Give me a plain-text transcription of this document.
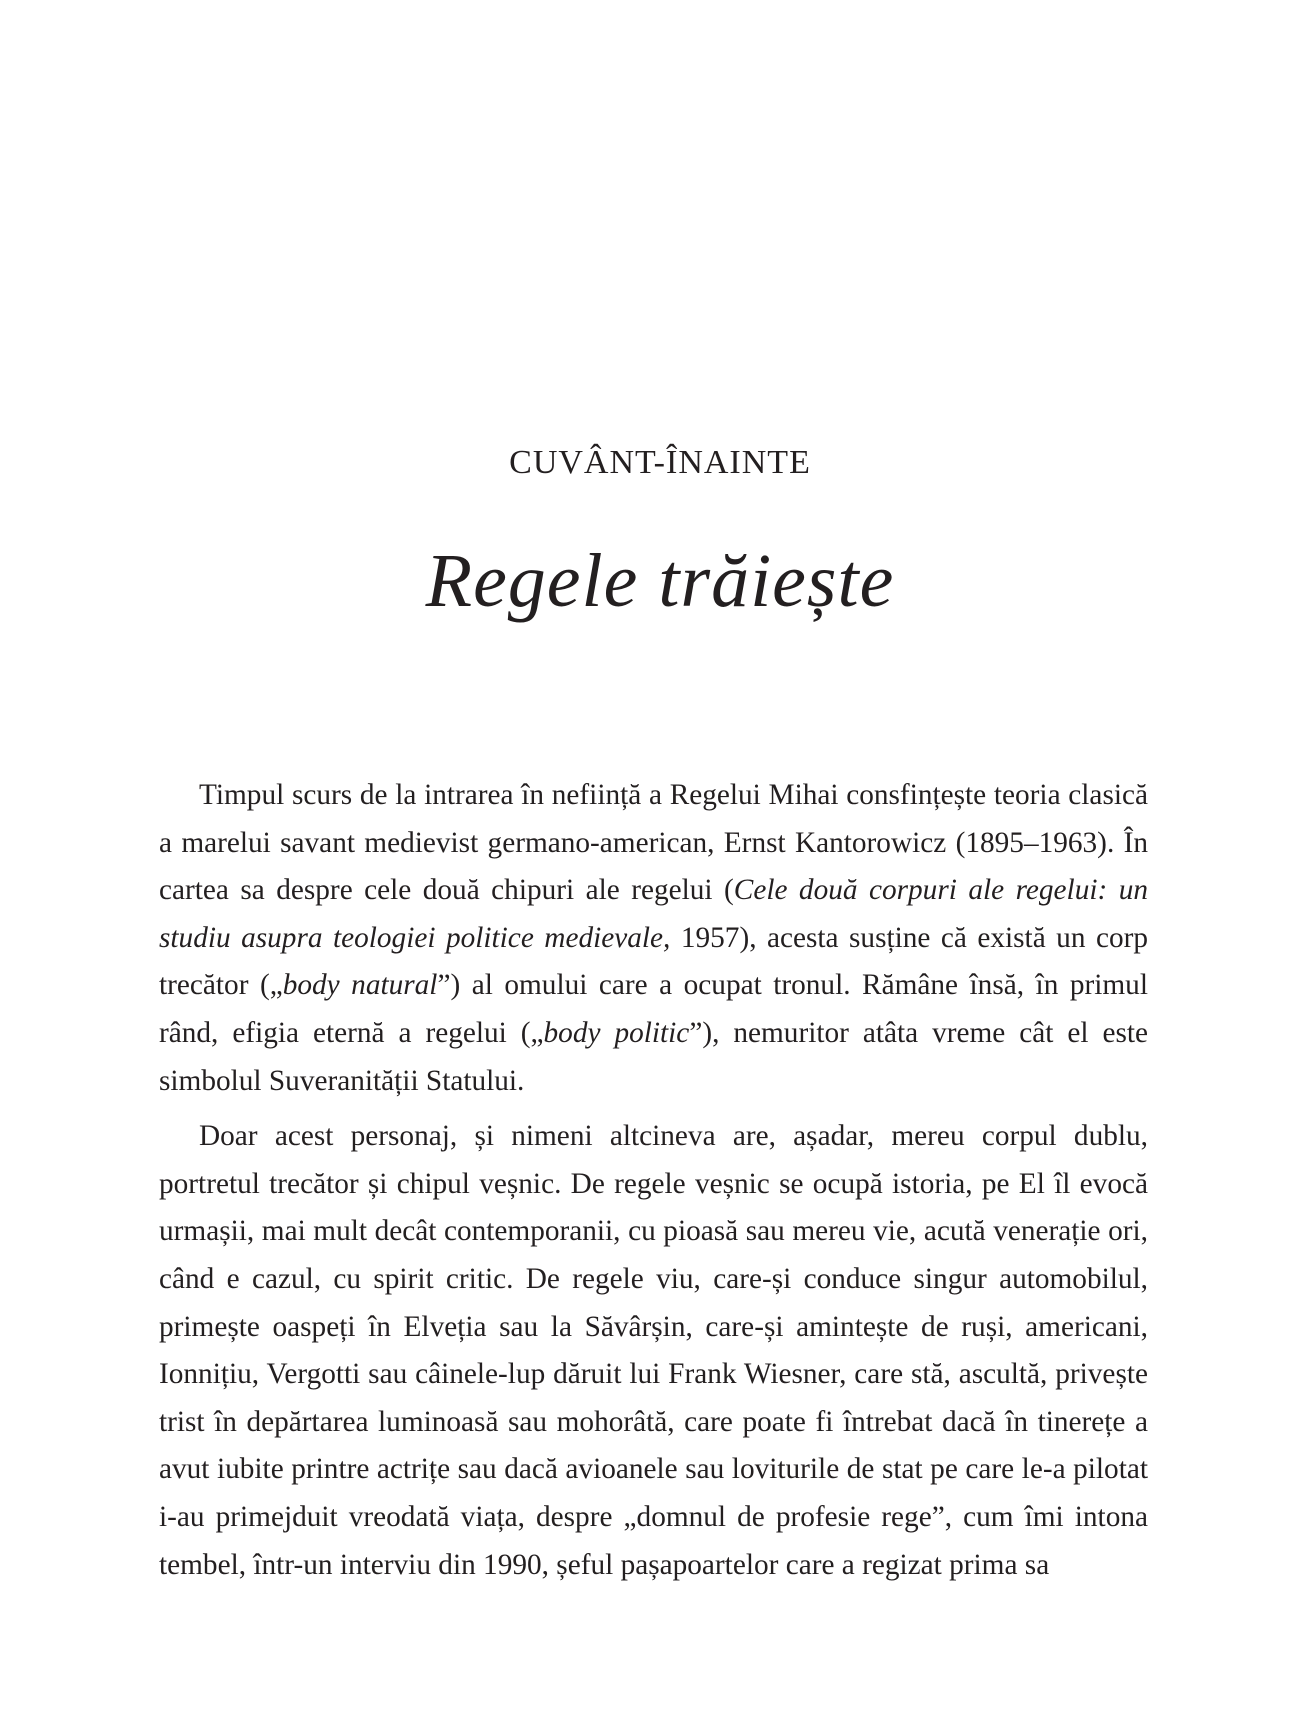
CUVÂNT-ÎNAINTE
Regele trăiește

Timpul scurs de la intrarea în neființă a Regelui Mihai consfințește teoria clasică a marelui savant medievist germano-american, Ernst Kantorowicz (1895–1963). În cartea sa despre cele două chipuri ale regelui (Cele două corpuri ale regelui: un studiu asupra teologiei politice medievale, 1957), acesta susține că există un corp trecător („body natural”) al omului care a ocupat tronul. Rămâne însă, în primul rând, efigia eternă a regelui („body politic”), nemuritor atâta vreme cât el este simbolul Suveranității Statului.

Doar acest personaj, și nimeni altcineva are, așadar, mereu corpul dublu, portretul trecător și chipul veșnic. De regele veșnic se ocupă istoria, pe El îl evocă urmașii, mai mult decât contemporanii, cu pioasă sau mereu vie, acută venerație ori, când e cazul, cu spirit critic. De regele viu, care-și conduce singur automobilul, primește oaspeți în Elveția sau la Săvârșin, care-și amintește de ruși, americani, Ionnițiu, Vergotti sau câinele-lup dăruit lui Frank Wiesner, care stă, ascultă, privește trist în depărtarea luminoasă sau mohorâtă, care poate fi întrebat dacă în tinerețe a avut iubite printre actrițe sau dacă avioanele sau loviturile de stat pe care le-a pilotat i-au primejduit vreodată viața, despre „domnul de profesie rege”, cum îmi intona tembel, într-un interviu din 1990, șeful pașapoartelor care a regizat prima sa
